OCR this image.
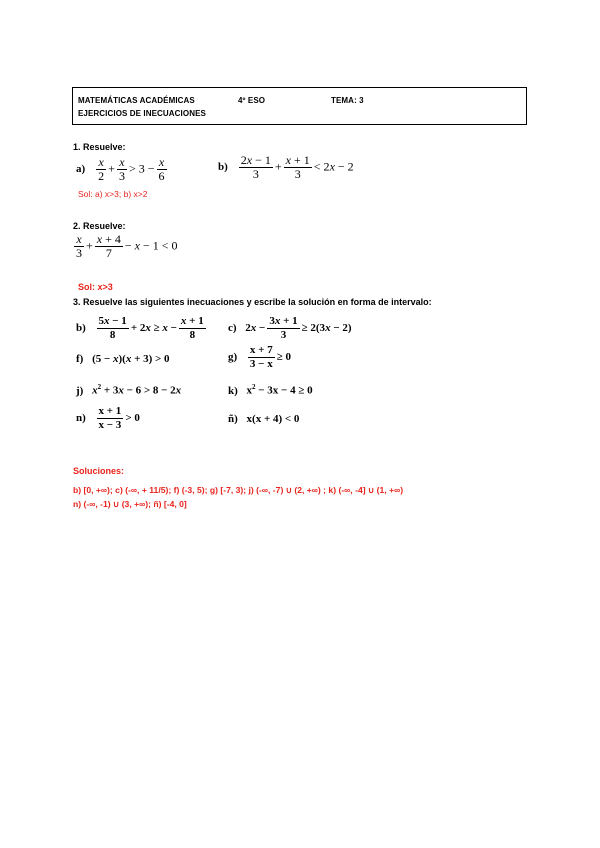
MATEMÁTICAS ACADÉMICAS	4º ESO	TEMA: 3
EJERCICIOS DE INECUACIONES
1. Resuelve:
$a) \frac{x}{2} + \frac{x}{3} > 3 - \frac{x}{6}$	$b) \frac{2x - 1}{3} + \frac{x + 1}{3} < 2x - 2$
Sol: a) x>3; b) x>2
2. Resuelve:
$\frac{x}{3} + \frac{x + 4}{7} - x - 1 < 0$
Sol: x>3
3. Resuelve las siguientes inecuaciones y escribe la solución en forma de intervalo:
$b) \frac{5x - 1}{8} + 2x \ge x - \frac{x + 1}{8} c$) $2x - \frac{3x + 1}{3} \ge 2(3x - 2)$
f) (5 − x)(x + 3) > 0	$g) \frac{x + 7}{3 - x} \ge 0$
j) $x^2 + 3x - 6 > 8 - 2x$	k) $x^2 - 3x - 4 \ge 0$
$n) \frac{x + 1}{x - 3} > 0$	ñ) x(x + 4) < 0
Soluciones:
b) [0, +∞); c) (-∞, + 11/5); f) (-3, 5); g) [-7, 3); j) (-∞, -7) ∪ (2, +∞) ; k) (-∞, -4] ∪ (1, +∞)
n) (-∞, -1) ∪ (3, +∞); ñ) [-4, 0]
